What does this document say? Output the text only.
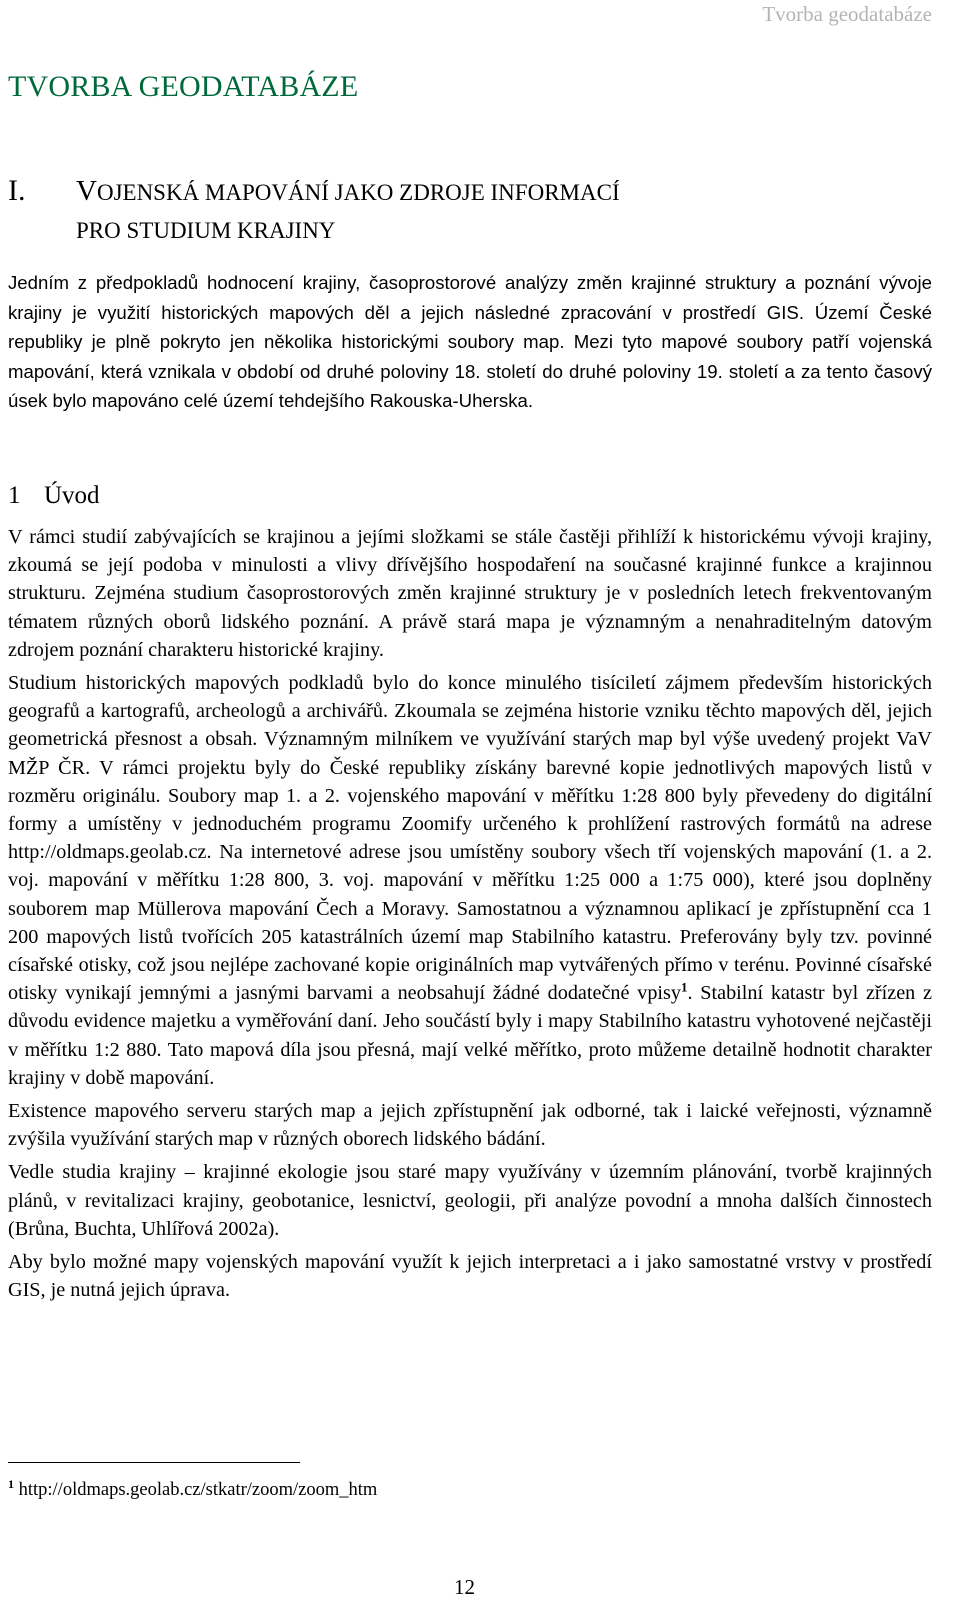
Tvorba geodatabáze
TVORBA GEODATABÁZE
I. VOJENSKÁ MAPOVÁNÍ JAKO ZDROJE INFORMACÍ
PRO STUDIUM KRAJINY

Jedním z předpokladů hodnocení krajiny, časoprostorové analýzy změn krajinné struktury a poznání vývoje krajiny je využití historických mapových děl a jejich následné zpracování v prostředí GIS. Území České republiky je plně pokryto jen několika historickými soubory map. Mezi tyto mapové soubory patří vojenská mapování, která vznikala v období od druhé poloviny 18. století do druhé poloviny 19. století a za tento časový úsek bylo mapováno celé území tehdejšího Rakouska-Uherska.

1 Úvod

V rámci studií zabývajících se krajinou a jejími složkami se stále častěji přihlíží k historickému vývoji krajiny, zkoumá se její podoba v minulosti a vlivy dřívějšího hospodaření na současné krajinné funkce a krajinnou strukturu. Zejména studium časoprostorových změn krajinné struktury je v posledních letech frekventovaným tématem různých oborů lidského poznání. A právě stará mapa je významným a nenahraditelným datovým zdrojem poznání charakteru historické krajiny.

Studium historických mapových podkladů bylo do konce minulého tisíciletí zájmem především historických geografů a kartografů, archeologů a archivářů. Zkoumala se zejména historie vzniku těchto mapových děl, jejich geometrická přesnost a obsah. Významným milníkem ve využívání starých map byl výše uvedený projekt VaV MŽP ČR. V rámci projektu byly do České republiky získány barevné kopie jednotlivých mapových listů v rozměru originálu. Soubory map 1. a 2. vojenského mapování v měřítku 1:28 800 byly převedeny do digitální formy a umístěny v jednoduchém programu Zoomify určeného k prohlížení rastrových formátů na adrese http://oldmaps.geolab.cz. Na internetové adrese jsou umístěny soubory všech tří vojenských mapování (1. a 2. voj. mapování v měřítku 1:28 800, 3. voj. mapování v měřítku 1:25 000 a 1:75 000), které jsou doplněny souborem map Müllerova mapování Čech a Moravy. Samostatnou a významnou aplikací je zpřístupnění cca 1 200 mapových listů tvořících 205 katastrálních území map Stabilního katastru. Preferovány byly tzv. povinné císařské otisky, což jsou nejlépe zachované kopie originálních map vytvářených přímo v terénu. Povinné císařské otisky vynikají jemnými a jasnými barvami a neobsahují žádné dodatečné vpisy$^1$. Stabilní katastr byl zřízen z důvodu evidence majetku a vyměřování daní. Jeho součástí byly i mapy Stabilního katastru vyhotovené nejčastěji v měřítku 1:2 880. Tato mapová díla jsou přesná, mají velké měřítko, proto můžeme detailně hodnotit charakter krajiny v době mapování.

Existence mapového serveru starých map a jejich zpřístupnění jak odborné, tak i laické veřejnosti, významně zvýšila využívání starých map v různých oborech lidského bádání.

Vedle studia krajiny – krajinné ekologie jsou staré mapy využívány v územním plánování, tvorbě krajinných plánů, v revitalizaci krajiny, geobotanice, lesnictví, geologii, při analýze povodní a mnoha dalších činnostech (Brůna, Buchta, Uhlířová 2002a).

Aby bylo možné mapy vojenských mapování využít k jejich interpretaci a i jako samostatné vrstvy v prostředí GIS, je nutná jejich úprava.

$^1$ http://oldmaps.geolab.cz/stkatr/zoom/zoom_htm
12
